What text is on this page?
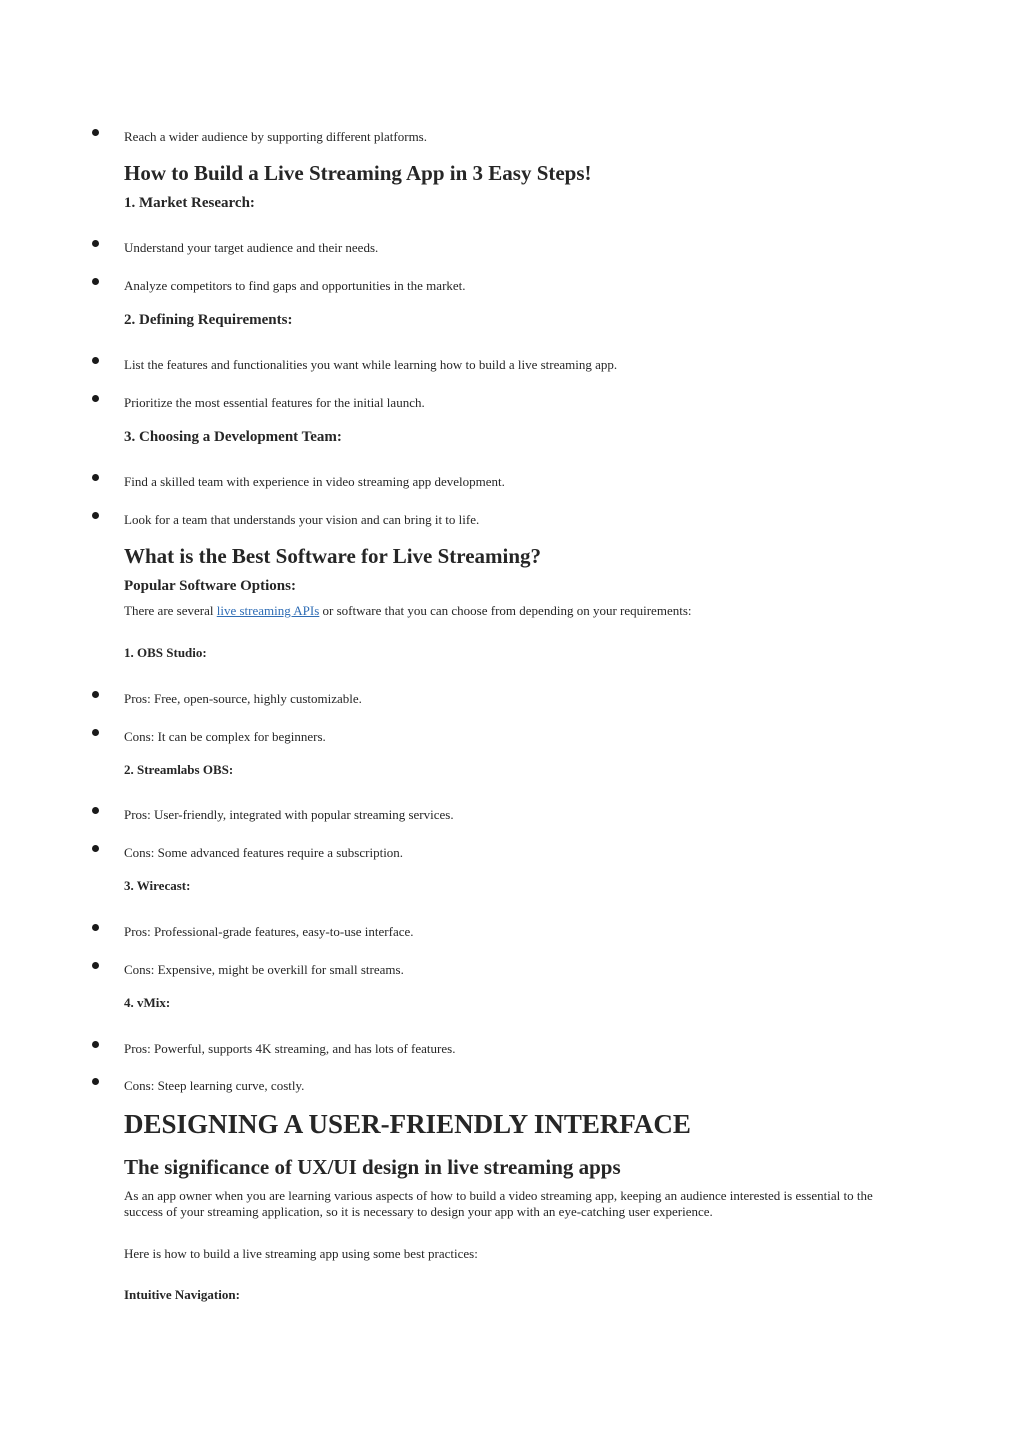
Reach a wider audience by supporting different platforms.
How to Build a Live Streaming App in 3 Easy Steps!
1. Market Research:
Understand your target audience and their needs.
Analyze competitors to find gaps and opportunities in the market.
2. Defining Requirements:
List the features and functionalities you want while learning how to build a live streaming app.
Prioritize the most essential features for the initial launch.
3. Choosing a Development Team:
Find a skilled team with experience in video streaming app development.
Look for a team that understands your vision and can bring it to life.
What is the Best Software for Live Streaming?
Popular Software Options:
There are several live streaming APIs or software that you can choose from depending on your requirements:
1. OBS Studio:
Pros: Free, open-source, highly customizable.
Cons: It can be complex for beginners.
2. Streamlabs OBS:
Pros: User-friendly, integrated with popular streaming services.
Cons: Some advanced features require a subscription.
3. Wirecast:
Pros: Professional-grade features, easy-to-use interface.
Cons: Expensive, might be overkill for small streams.
4. vMix:
Pros: Powerful, supports 4K streaming, and has lots of features.
Cons: Steep learning curve, costly.
DESIGNING A USER-FRIENDLY INTERFACE
The significance of UX/UI design in live streaming apps
As an app owner when you are learning various aspects of how to build a video streaming app, keeping an audience interested is essential to the success of your streaming application, so it is necessary to design your app with an eye-catching user experience.
Here is how to build a live streaming app using some best practices:
Intuitive Navigation:
